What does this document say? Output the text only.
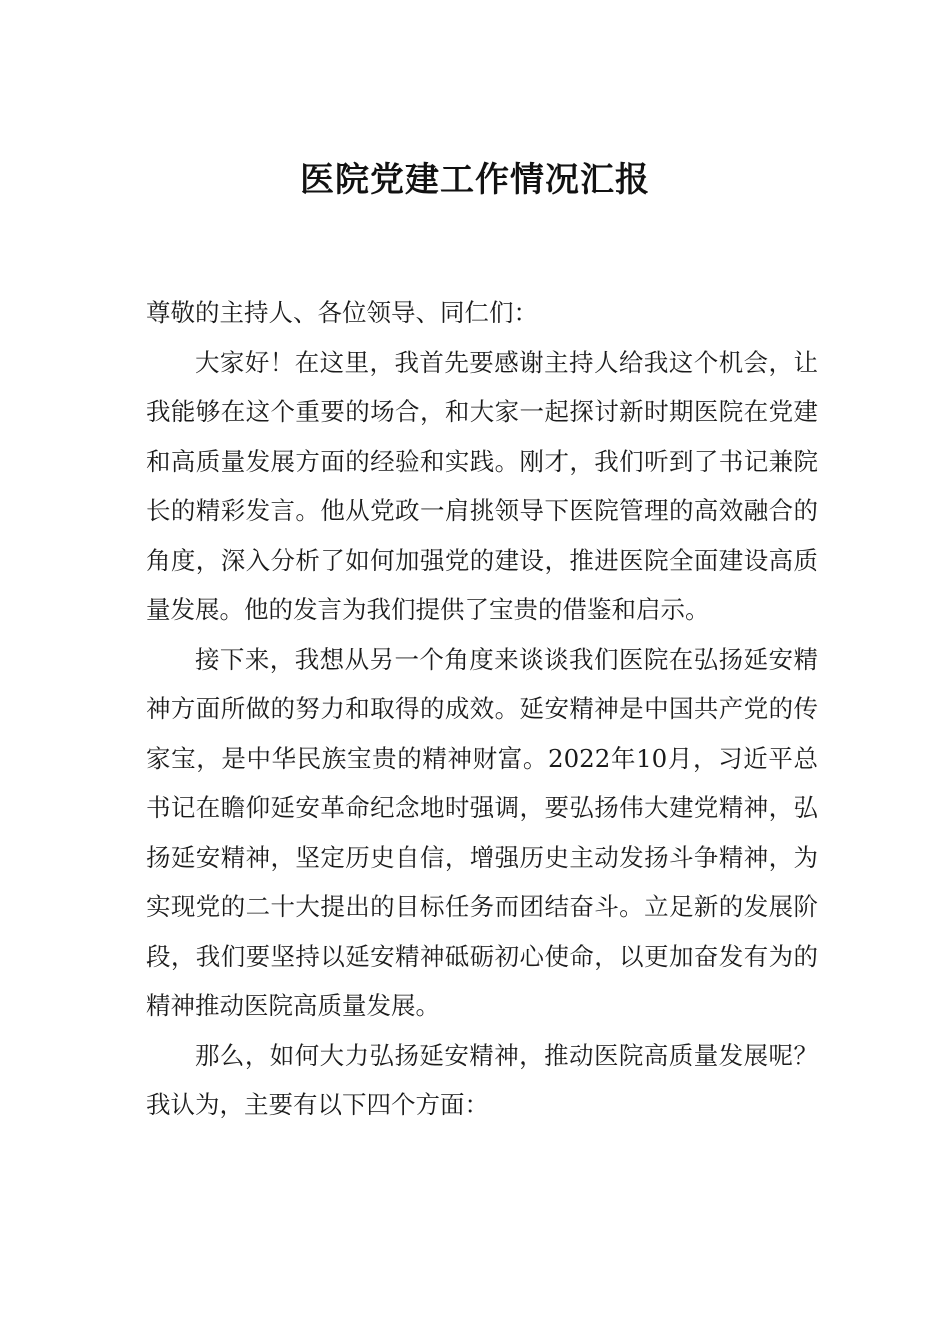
医院党建工作情况汇报

尊敬的主持人、各位领导、同仁们：

大家好！在这里，我首先要感谢主持人给我这个机会，让我能够在这个重要的场合，和大家一起探讨新时期医院在党建和高质量发展方面的经验和实践。刚才，我们听到了书记兼院长的精彩发言。他从党政一肩挑领导下医院管理的高效融合的角度，深入分析了如何加强党的建设，推进医院全面建设高质量发展。他的发言为我们提供了宝贵的借鉴和启示。

接下来，我想从另一个角度来谈谈我们医院在弘扬延安精神方面所做的努力和取得的成效。延安精神是中国共产党的传家宝，是中华民族宝贵的精神财富。2022年10月，习近平总书记在瞻仰延安革命纪念地时强调，要弘扬伟大建党精神，弘扬延安精神，坚定历史自信，增强历史主动发扬斗争精神，为实现党的二十大提出的目标任务而团结奋斗。立足新的发展阶段，我们要坚持以延安精神砥砺初心使命，以更加奋发有为的精神推动医院高质量发展。

那么，如何大力弘扬延安精神，推动医院高质量发展呢？我认为，主要有以下四个方面：
